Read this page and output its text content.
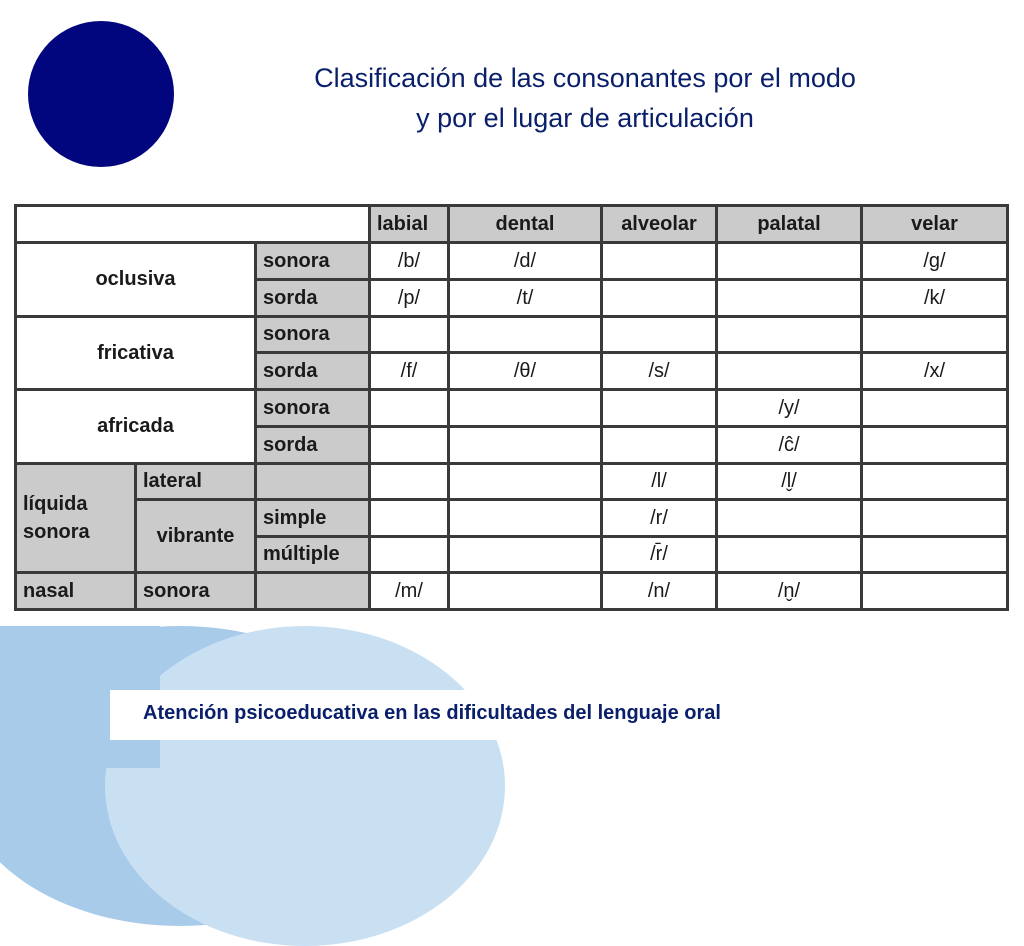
Atención psicoeducativa en las dificultades del lenguaje oral
Clasificación de las consonantes por el modo
y por el lugar de articulación
			labial	dental	alveolar	palatal	velar
oclusiva		sonora	/b/	/d/			/g/
		sorda	/p/	/t/			/k/
fricativa		sonora					
		sorda	/f/	/θ/	/s/		/x/
africada		sonora				/y/	
		sorda				/ĉ/	
líquida
sonora	lateral				/l/	/l̬/	
	vibrante	simple			/r/		
		múltiple			/r̄/		
nasal	sonora		/m/		/n/	/n̬/	
